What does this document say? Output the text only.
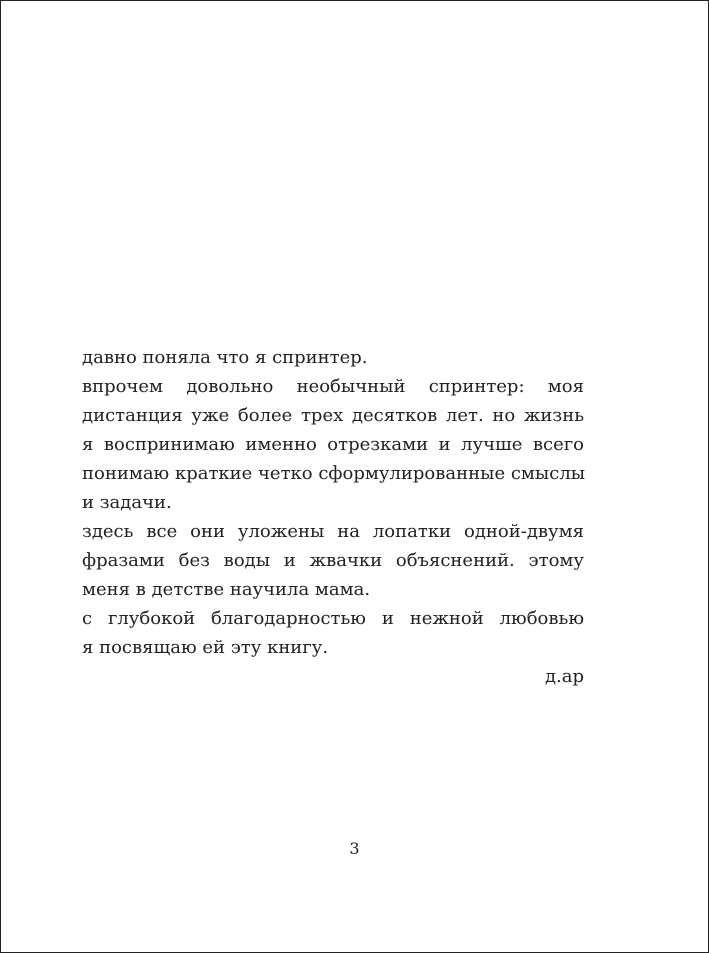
давно поняла что я спринтер.
впрочем довольно необычный спринтер: моя
дистанция уже более трех десятков лет. но жизнь
я воспринимаю именно отрезками и лучше всего
понимаю краткие четко сформулированные смыслы
и задачи.
здесь все они уложены на лопатки одной-двумя
фразами без воды и жвачки объяснений. этому
меня в детстве научила мама.
с глубокой благодарностью и нежной любовью
я посвящаю ей эту книгу.
д.ар
3
